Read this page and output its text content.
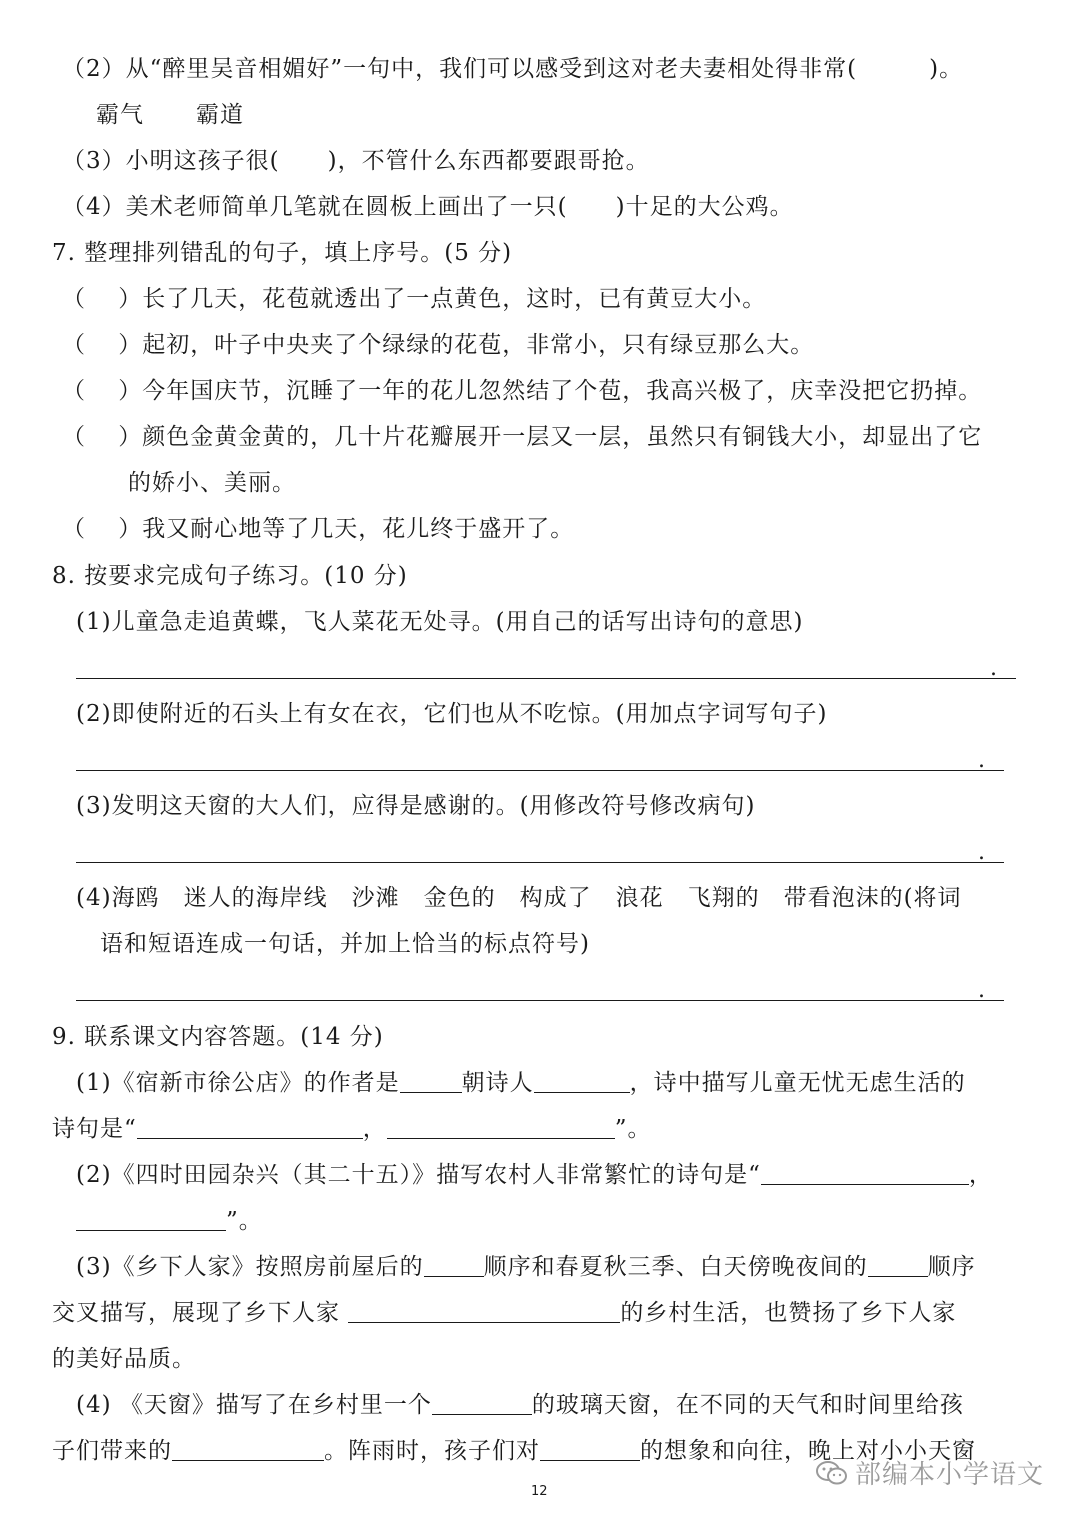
（2）从“醉里吴音相媚好”一句中，我们可以感受到这对老夫妻相处得非常(　　　)。
霸气 霸道
（3）小明这孩子很(　　)，不管什么东西都要跟哥抢。
（4）美术老师简单几笔就在圆板上画出了一只(　　)十足的大公鸡。
7. 整理排列错乱的句子，填上序号。(5 分)
（　 ）长了几天，花苞就透出了一点黄色，这时，已有黄豆大小。
（　 ）起初，叶子中央夹了个绿绿的花苞，非常小，只有绿豆那么大。
（　 ）今年国庆节，沉睡了一年的花儿忽然结了个苞，我高兴极了，庆幸没把它扔掉。
（　 ）颜色金黄金黄的，几十片花瓣展开一层又一层，虽然只有铜钱大小，却显出了它
的娇小、美丽。
（　 ）我又耐心地等了几天，花儿终于盛开了。
8. 按要求完成句子练习。(10 分)
(1)儿童急走追黄蝶，飞人菜花无处寻。(用自己的话写出诗句的意思)
.
(2)即使附近的石头上有女在衣，它们也从不吃惊。(用加点字词写句子)
.
(3)发明这天窗的大人们，应得是感谢的。(用修改符号修改病句)
.
(4)海鸥　迷人的海岸线　沙滩　金色的　构成了　浪花　飞翔的　带看泡沫的(将词
语和短语连成一句话，并加上恰当的标点符号)
.
9. 联系课文内容答题。(14 分)
(1)《宿新市徐公店》的作者是	朝诗人	，诗中描写儿童无忧无虑生活的
诗句是“	，	”。
(2)《四时田园杂兴（其二十五）》描写农村人非常繁忙的诗句是“	，
”。
(3)《乡下人家》按照房前屋后的	顺序和春夏秋三季、白天傍晚夜间的	顺序
交叉描写，展现了乡下人家	的乡村生活，也赞扬了乡下人家
的美好品质。
(4) 《天窗》描写了在乡村里一个	的玻璃天窗，在不同的天气和时间里给孩
子们带来的	。阵雨时，孩子们对	的想象和向往，晚上对小小天窗
12
部编本小学语文
